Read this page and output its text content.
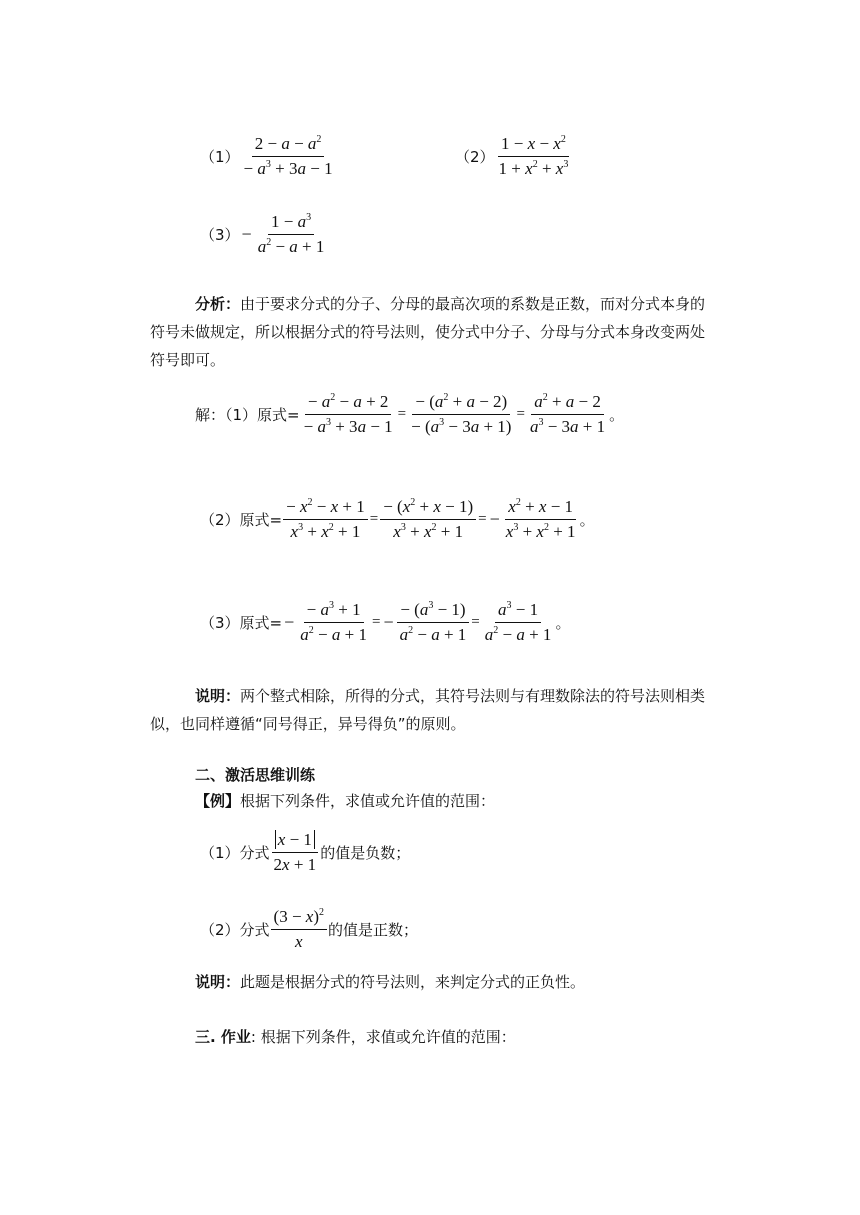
$(1) \frac{2 - a - a^2}{- a^3 + 3a - 1}$	$(2) \frac{1 - x - x^2}{1 + x^2 + x^3}$
$(3) - \frac{1 - a^3}{a^2 - a + 1}$
分析：由于要求分式的分子、分母的最高次项的系数是正数，而对分式本身的符号未做规定，所以根据分式的符号法则，使分式中分子、分母与分式本身改变两处符号即可。
解：（1）原式= $\frac{- a^2 - a + 2}{- a^3 + 3a - 1} = \frac{- (a^2 + a - 2)}{- (a^3 - 3a + 1)} = \frac{a^2 + a - 2}{a^3 - 3a + 1}$ 。
（2）原式= $\frac{- x^2 - x + 1}{x^3 + x^2 + 1} = \frac{- (x^2 + x - 1)}{x^3 + x^2 + 1}$ = − $\frac{x^2 + x - 1}{x^3 + x^2 + 1}$ 。
（3）原式= − $\frac{- a^3 + 1}{a^2 - a + 1}$ = − $\frac{- (a^3 - 1)}{a^2 - a + 1} = \frac{a^3 - 1}{a^2 - a + 1}$ 。
说明：两个整式相除，所得的分式，其符号法则与有理数除法的符号法则相类似，也同样遵循“同号得正，异号得负”的原则。
二、激活思维训练
【例】根据下列条件，求值或允许值的范围：
（1）分式 $\frac{x - 1}{2x + 1}$ 的值是负数；
（2）分式 $\frac{(3 - x)^2}{x}$ 的值是正数；
说明：此题是根据分式的符号法则，来判定分式的正负性。
三. 作业: 根据下列条件，求值或允许值的范围：
